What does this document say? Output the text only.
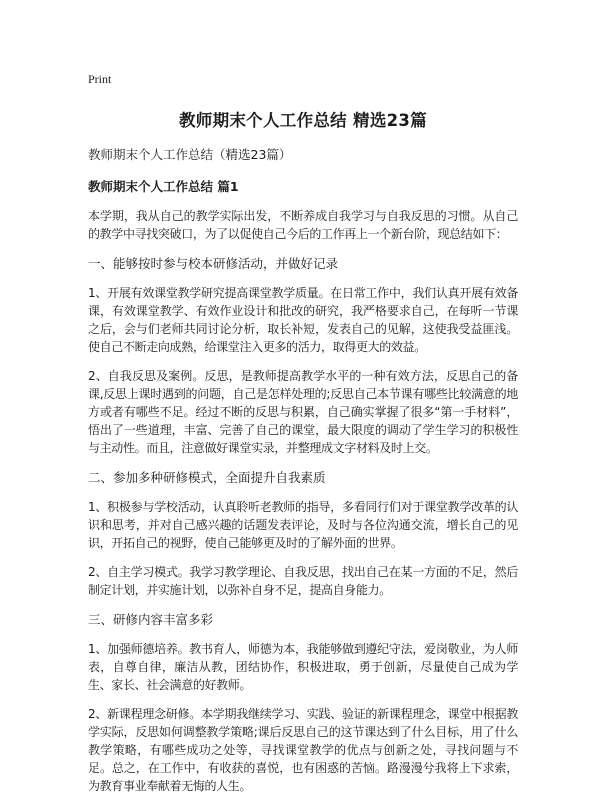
Print
教师期末个人工作总结 精选23篇

教师期末个人工作总结（精选23篇）

教师期末个人工作总结 篇1

本学期，我从自己的教学实际出发，不断养成自我学习与自我反思的习惯。从自己的教学中寻找突破口，为了以促使自己今后的工作再上一个新台阶，现总结如下：

一、能够按时参与校本研修活动，并做好记录

1、开展有效课堂教学研究提高课堂教学质量。在日常工作中，我们认真开展有效备课，有效课堂教学、有效作业设计和批改的研究，我严格要求自己，在每听一节课之后，会与们老师共同讨论分析，取长补短，发表自己的见解，这使我受益匪浅。使自己不断走向成熟，给课堂注入更多的活力，取得更大的效益。

2、自我反思及案例。反思，是教师提高教学水平的一种有效方法，反思自己的备课,反思上课时遇到的问题，自己是怎样处理的;反思自己本节课有哪些比较满意的地方或者有哪些不足。经过不断的反思与积累，自己确实掌握了很多“第一手材料”，悟出了一些道理，丰富、完善了自己的课堂，最大限度的调动了学生学习的积极性与主动性。而且，注意做好课堂实录，并整理成文字材料及时上交。

二、参加多种研修模式，全面提升自我素质

1、积极参与学校活动，认真聆听老教师的指导，多看同行们对于课堂教学改革的认识和思考，并对自己感兴趣的话题发表评论，及时与各位沟通交流，增长自己的见识，开拓自己的视野，使自己能够更及时的了解外面的世界。

2、自主学习模式。我学习教学理论、自我反思，找出自己在某一方面的不足，然后制定计划，并实施计划，以弥补自身不足，提高自身能力。

三、研修内容丰富多彩

1、加强师德培养。教书育人，师德为本，我能够做到遵纪守法，爱岗敬业，为人师表，自尊自律，廉洁从教，团结协作，积极进取，勇于创新，尽量使自己成为学生、家长、社会满意的好教师。

2、新课程理念研修。本学期我继续学习、实践、验证的新课程理念，课堂中根据教学实际，反思如何调整教学策略;课后反思自己的这节课达到了什么目标，用了什么教学策略，有哪些成功之处等，寻找课堂教学的优点与创新之处，寻找问题与不足。总之，在工作中，有收获的喜悦，也有困惑的苦恼。路漫漫兮我将上下求索，为教育事业奉献着无悔的人生。
